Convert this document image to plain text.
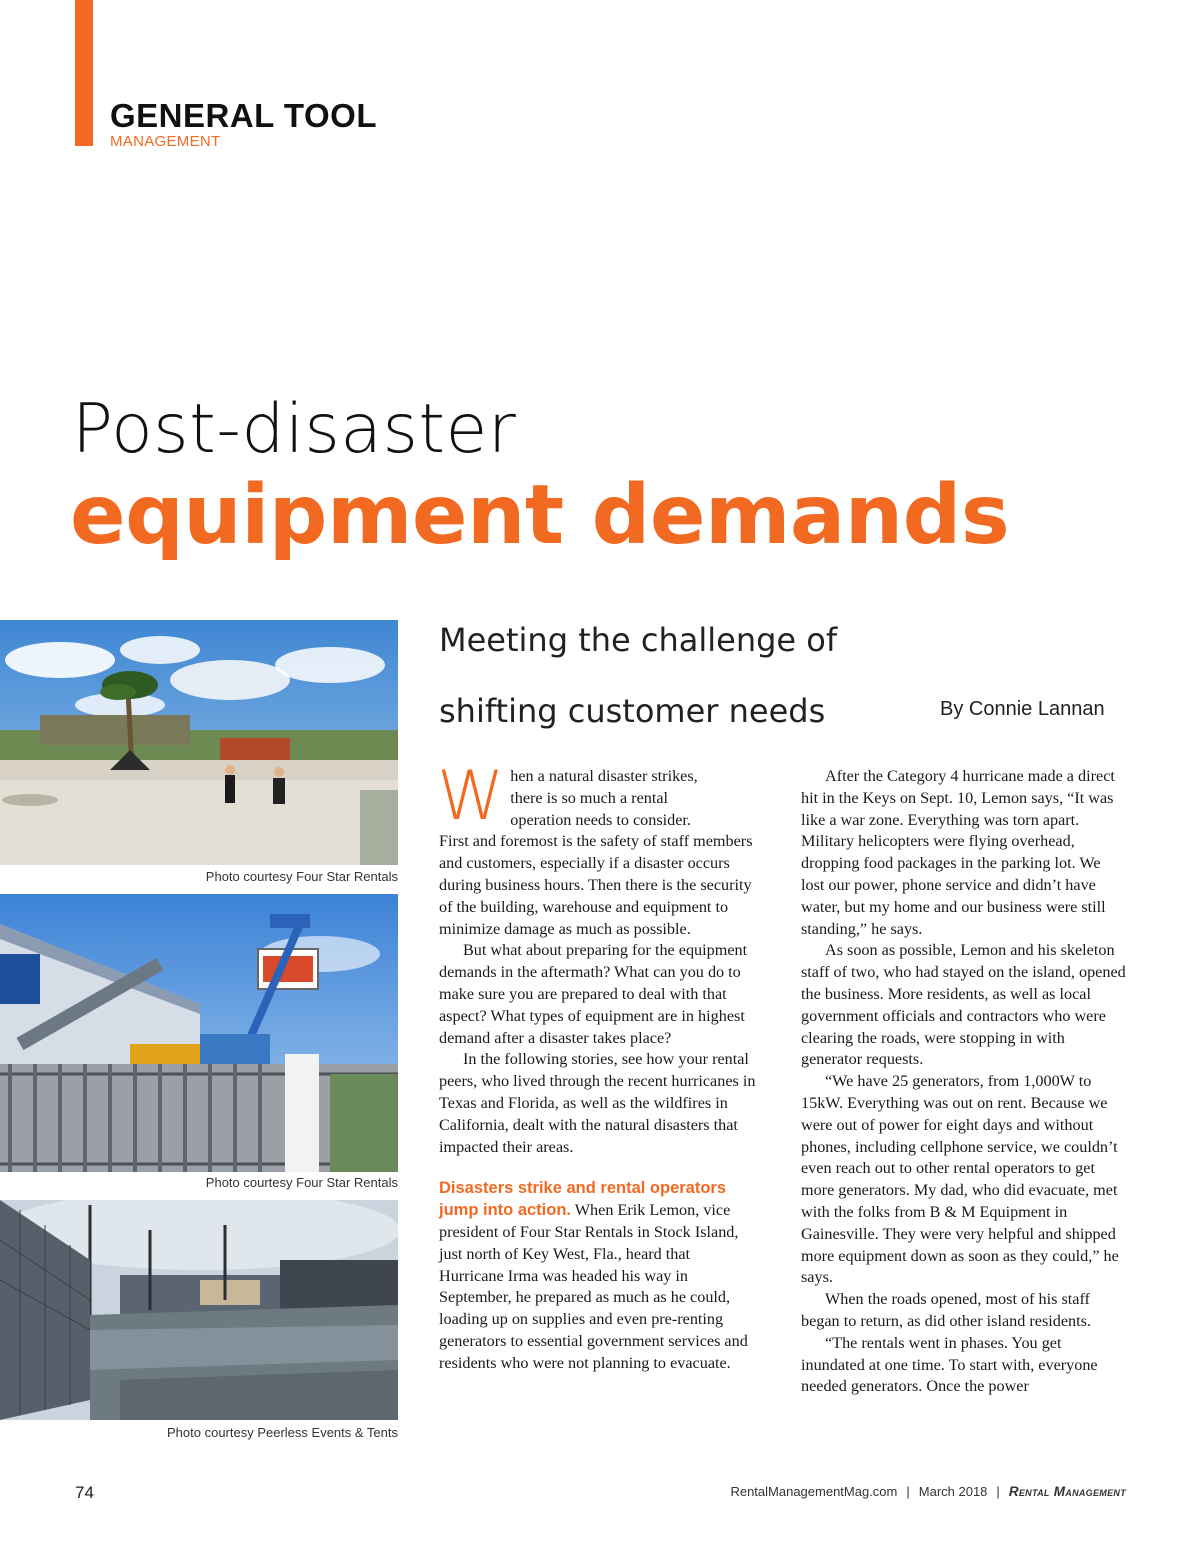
GENERAL TOOL
MANAGEMENT
Post-disaster
equipment demands
Meeting the challenge of
shifting customer needs	By Connie Lannan
Photo courtesy Four Star Rentals
Photo courtesy Four Star Rentals
Photo courtesy Peerless Events & Tents

W hen a natural disaster strikes,
there is so much a rental
operation needs to consider.
First and foremost is the safety of staff members and customers, especially if a disaster occurs during business hours. Then there is the security of the building, warehouse and equipment to minimize damage as much as possible.

But what about preparing for the equipment demands in the aftermath? What can you do to make sure you are prepared to deal with that aspect? What types of equipment are in highest demand after a disaster takes place?

In the following stories, see how your rental peers, who lived through the recent hurricanes in Texas and Florida, as well as the wildfires in California, dealt with the natural disasters that impacted their areas.

Disasters strike and rental operators jump into action. When Erik Lemon, vice president of Four Star Rentals in Stock Island, just north of Key West, Fla., heard that Hurricane Irma was headed his way in September, he prepared as much as he could, loading up on supplies and even pre-renting generators to essential government services and residents who were not planning to evacuate.

After the Category 4 hurricane made a direct hit in the Keys on Sept. 10, Lemon says, “It was like a war zone. Everything was torn apart. Military helicopters were flying overhead, dropping food packages in the parking lot. We lost our power, phone service and didn’t have water, but my home and our business were still standing,” he says.

As soon as possible, Lemon and his skeleton staff of two, who had stayed on the island, opened the business. More residents, as well as local government officials and contractors who were clearing the roads, were stopping in with generator requests.

“We have 25 generators, from 1,000W to 15kW. Everything was out on rent. Because we were out of power for eight days and without phones, including cellphone service, we couldn’t even reach out to other rental operators to get more generators. My dad, who did evacuate, met with the folks from B & M Equipment in Gainesville. They were very helpful and shipped more equipment down as soon as they could,” he says.

When the roads opened, most of his staff began to return, as did other island residents.

“The rentals went in phases. You get inundated at one time. To start with, everyone needed generators. Once the power

74	RentalManagementMag.com | March 2018 | Rental Management
